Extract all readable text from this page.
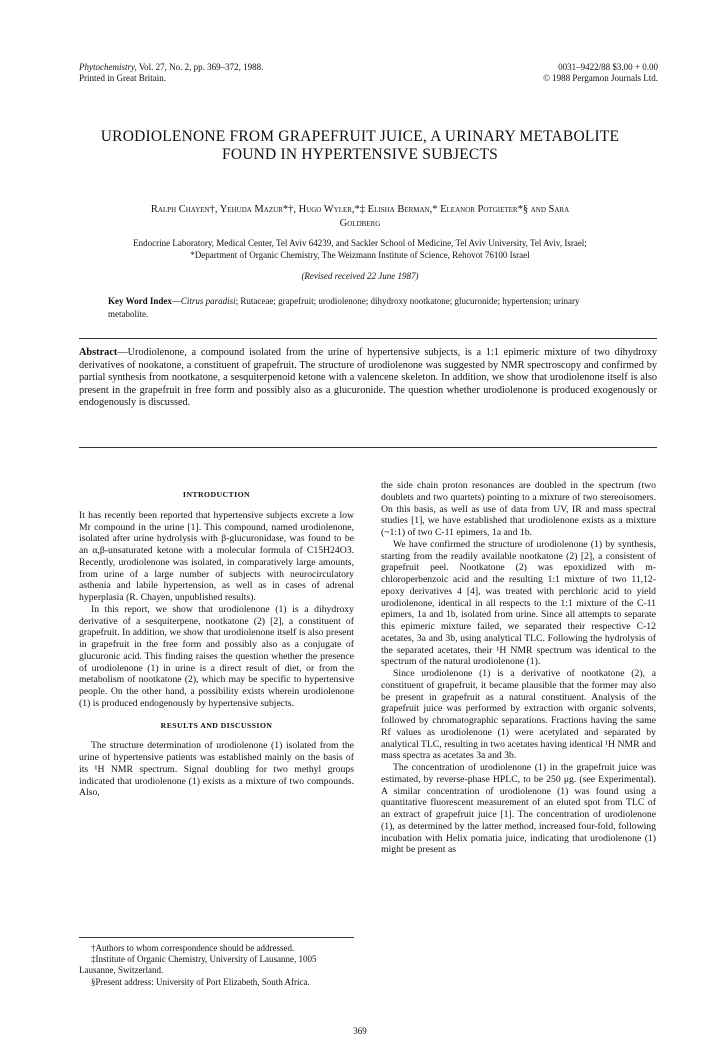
Phytochemistry, Vol. 27, No. 2, pp. 369–372, 1988.
Printed in Great Britain.
0031–9422/88 $3.00 + 0.00
© 1988 Pergamon Journals Ltd.
URODIOLENONE FROM GRAPEFRUIT JUICE, A URINARY METABOLITE
FOUND IN HYPERTENSIVE SUBJECTS
Ralph Chayen†, Yehuda Mazur*†, Hugo Wyler,*‡ Elisha Berman,* Eleanor Potgieter*§ and Sara
Goldberg
Endocrine Laboratory, Medical Center, Tel Aviv 64239, and Sackler School of Medicine, Tel Aviv University, Tel Aviv, Israel;
*Department of Organic Chemistry, The Weizmann Institute of Science, Rehovot 76100 Israel
(Revised received 22 June 1987)
Key Word Index—Citrus paradisi; Rutaceae; grapefruit; urodiolenone; dihydroxy nootkatone; glucuronide; hypertension; urinary metabolite.
Abstract—Urodiolenone, a compound isolated from the urine of hypertensive subjects, is a 1:1 epimeric mixture of two dihydroxy derivatives of nookatone, a constituent of grapefruit. The structure of urodiolenone was suggested by NMR spectroscopy and confirmed by partial synthesis from nootkatone, a sesquiterpenoid ketone with a valencene skeleton. In addition, we show that urodiolenone itself is also present in the grapefruit in free form and possibly also as a glucuronide. The question whether urodiolenone is produced exogenously or endogenously is discussed.
INTRODUCTION

It has recently been reported that hypertensive subjects excrete a low Mr compound in the urine [1]. This compound, named urodiolenone, isolated after urine hydrolysis with β-glucuronidase, was found to be an α,β-unsaturated ketone with a molecular formula of C15H24O3. Recently, urodiolenone was isolated, in comparatively large amounts, from urine of a large number of subjects with neurocirculatory asthenia and labile hypertension, as well as in cases of adrenal hyperplasia (R. Chayen, unpublished results).

In this report, we show that urodiolenone (1) is a dihydroxy derivative of a sesquiterpene, nootkatone (2) [2], a constituent of grapefruit. In addition, we show that urodiolenone itself is also present in grapefruit in the free form and possibly also as a conjugate of glucuronic acid. This finding raises the question whether the presence of urodiolenone (1) in urine is a direct result of diet, or from the metabolism of nootkatone (2), which may be specific to hypertensive people. On the other hand, a possibility exists wherein urodiolenone (1) is produced endogenously by hypertensive subjects.

RESULTS AND DISCUSSION

The structure determination of urodiolenone (1) isolated from the urine of hypertensive patients was established mainly on the basis of its ¹H NMR spectrum. Signal doubling for two methyl groups indicated that urodiolenone (1) exists as a mixture of two compounds. Also,

†Authors to whom correspondence should be addressed.

‡Institute of Organic Chemistry, University of Lausanne, 1005 Lausanne, Switzerland.

§Present address: University of Port Elizabeth, South Africa.

the side chain proton resonances are doubled in the spectrum (two doublets and two quartets) pointing to a mixture of two stereoisomers. On this basis, as well as use of data from UV, IR and mass spectral studies [1], we have established that urodiolenone exists as a mixture (~1:1) of two C-11 epimers, 1a and 1b.

We have confirmed the structure of urodiolenone (1) by synthesis, starting from the readily available nootkatone (2) [2], a consistent of grapefruit peel. Nootkatone (2) was epoxidized with m-chloroperbenzoic acid and the resulting 1:1 mixture of two 11,12-epoxy derivatives 4 [4], was treated with perchloric acid to yield urodiolenone, identical in all respects to the 1:1 mixture of the C-11 epimers, 1a and 1b, isolated from urine. Since all attempts to separate this epimeric mixture failed, we separated their respective C-12 acetates, 3a and 3b, using analytical TLC. Following the hydrolysis of the separated acetates, their ¹H NMR spectrum was identical to the spectrum of the natural urodiolenone (1).

Since urodiolenone (1) is a derivative of nootkatone (2), a constituent of grapefruit, it became plausible that the former may also be present in grapefruit as a natural constituent. Analysis of the grapefruit juice was performed by extraction with organic solvents, followed by chromatographic separations. Fractions having the same Rf values as urodiolenone (1) were acetylated and separated by analytical TLC, resulting in two acetates having identical ¹H NMR and mass spectra as acetates 3a and 3b.

The concentration of urodiolenone (1) in the grapefruit juice was estimated, by reverse-phase HPLC, to be 250 μg. (see Experimental). A similar concentration of urodiolenone (1) was found using a quantitative fluorescent measurement of an eluted spot from TLC of an extract of grapefruit juice [1]. The concentration of urodiolenone (1), as determined by the latter method, increased four-fold, following incubation with Helix pomatia juice, indicating that urodiolenone (1) might be present as

369
